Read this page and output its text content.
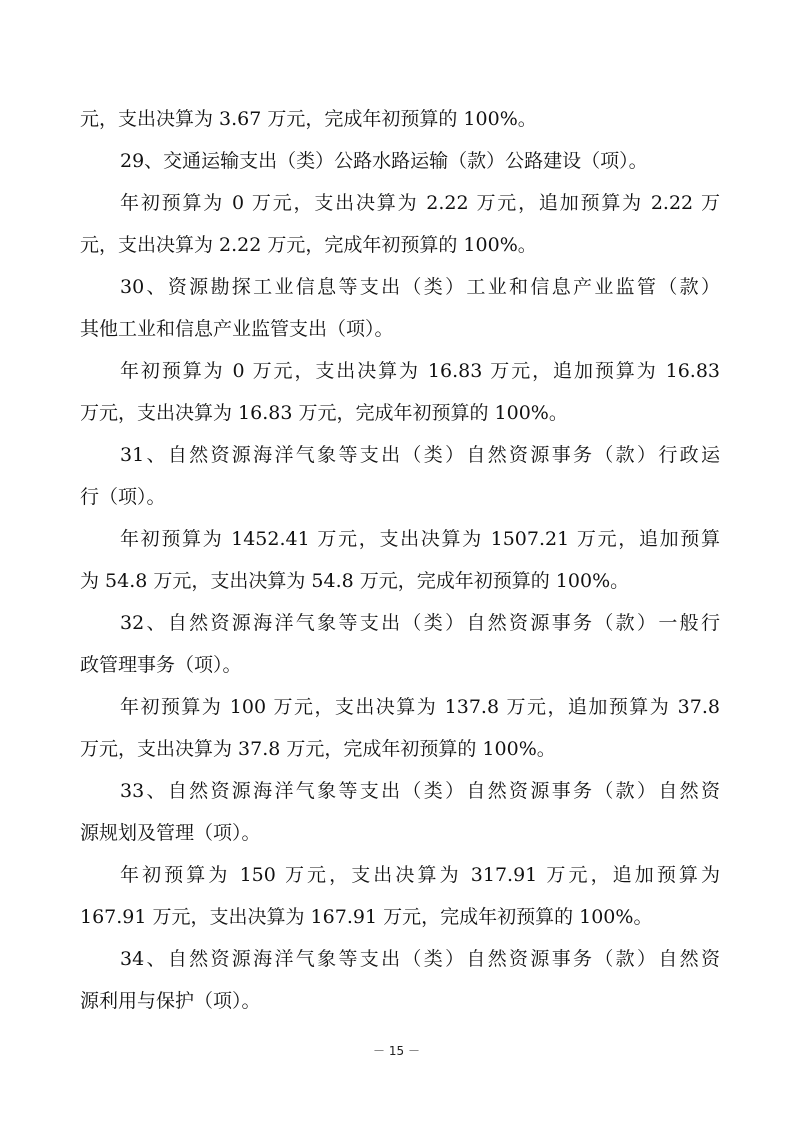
元，支出决算为 3.67 万元，完成年初预算的 100%。
29、交通运输支出（类）公路水路运输（款）公路建设（项）。
年初预算为 0 万元，支出决算为 2.22 万元，追加预算为 2.22 万
元，支出决算为 2.22 万元，完成年初预算的 100%。
30、资源勘探工业信息等支出（类）工业和信息产业监管（款）
其他工业和信息产业监管支出（项）。
年初预算为 0 万元，支出决算为 16.83 万元，追加预算为 16.83
万元，支出决算为 16.83 万元，完成年初预算的 100%。
31、自然资源海洋气象等支出（类）自然资源事务（款）行政运
行（项）。
年初预算为 1452.41 万元，支出决算为 1507.21 万元，追加预算
为 54.8 万元，支出决算为 54.8 万元，完成年初预算的 100%。
32、自然资源海洋气象等支出（类）自然资源事务（款）一般行
政管理事务（项）。
年初预算为 100 万元，支出决算为 137.8 万元，追加预算为 37.8
万元，支出决算为 37.8 万元，完成年初预算的 100%。
33、自然资源海洋气象等支出（类）自然资源事务（款）自然资
源规划及管理（项）。
年初预算为 150 万元，支出决算为 317.91 万元，追加预算为
167.91 万元，支出决算为 167.91 万元，完成年初预算的 100%。
34、自然资源海洋气象等支出（类）自然资源事务（款）自然资
源利用与保护（项）。
－ 15 －
